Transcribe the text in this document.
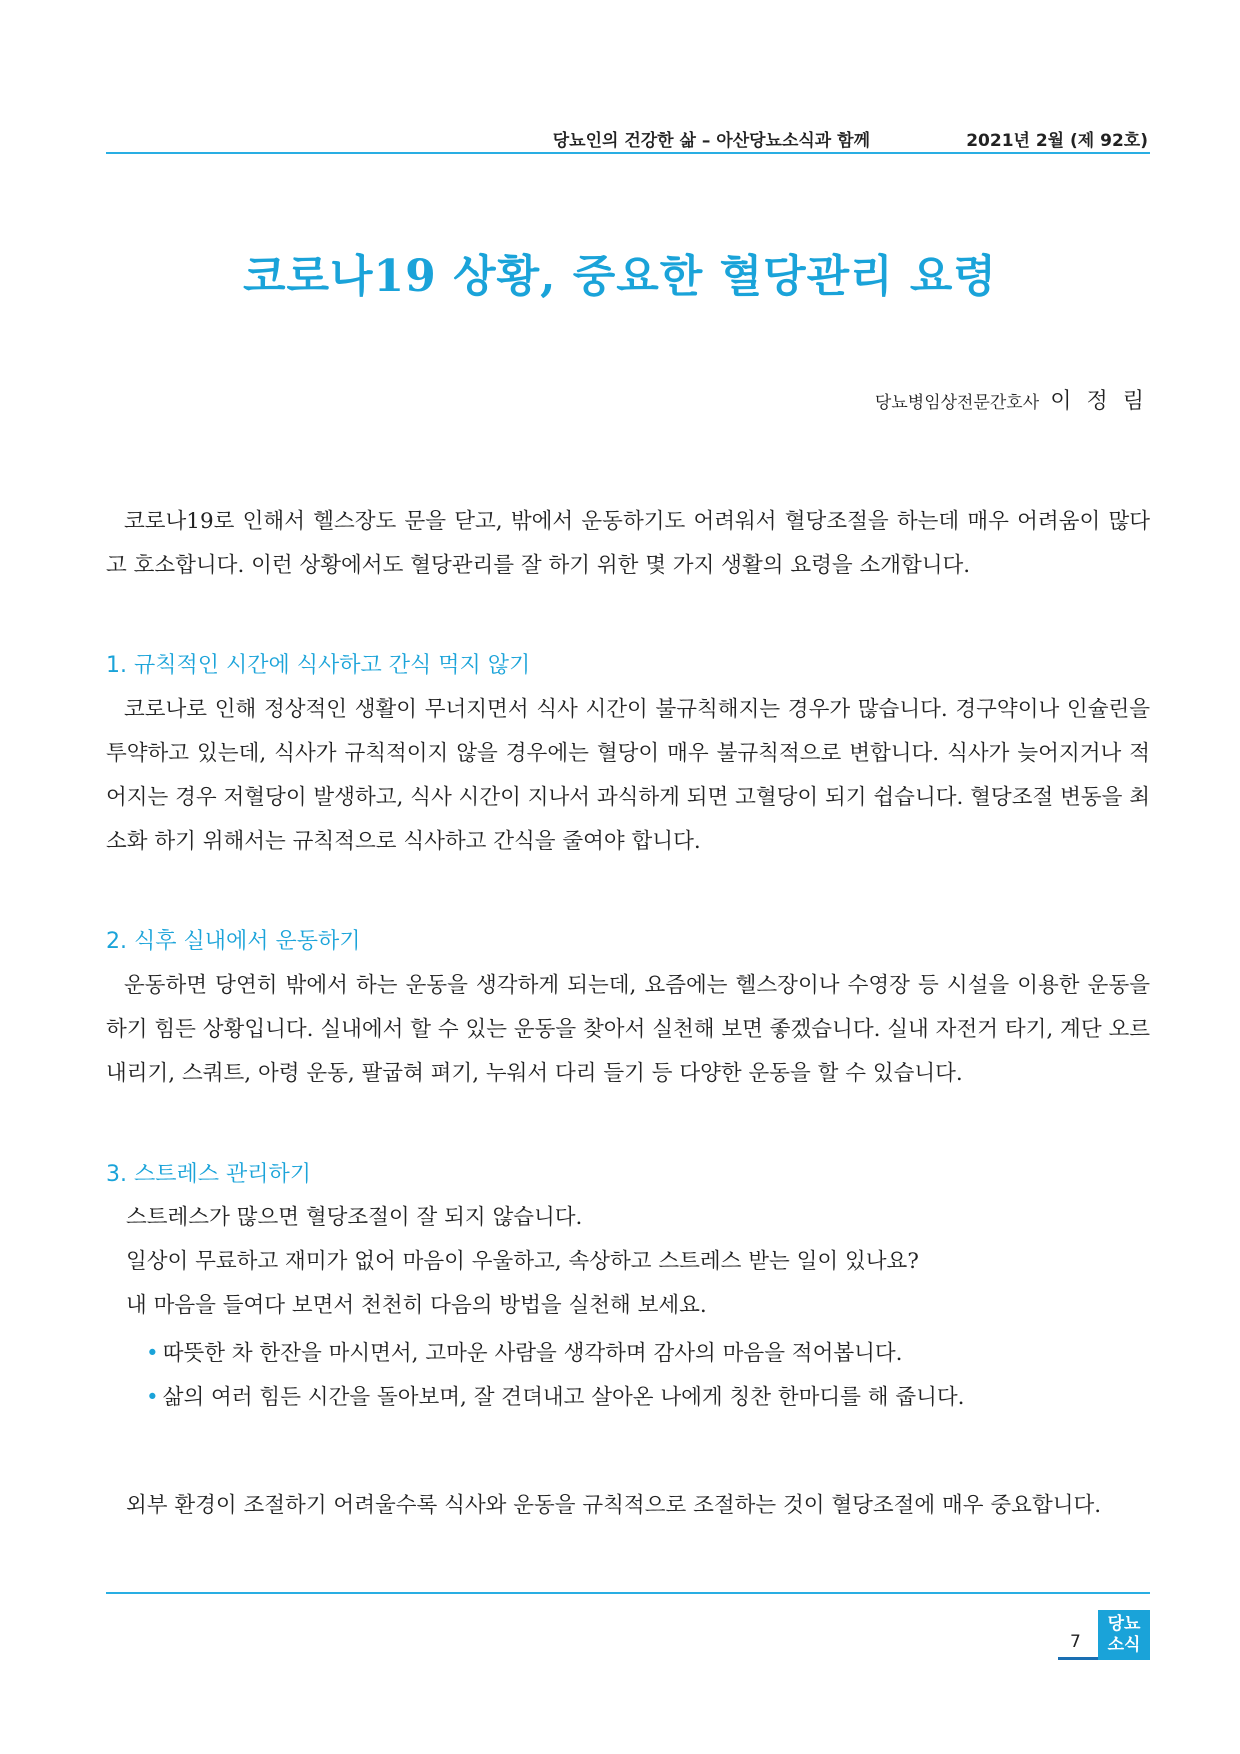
당뇨인의 건강한 삶 – 아산당뇨소식과 함께	2021년 2월 (제 92호)
코로나19 상황, 중요한 혈당관리 요령
당뇨병임상전문간호사 이 정 림

코로나19로 인해서 헬스장도 문을 닫고, 밖에서 운동하기도 어려워서 혈당조절을 하는데 매우 어려움이 많다고 호소합니다. 이런 상황에서도 혈당관리를 잘 하기 위한 몇 가지 생활의 요령을 소개합니다.

1. 규칙적인 시간에 식사하고 간식 먹지 않기

코로나로 인해 정상적인 생활이 무너지면서 식사 시간이 불규칙해지는 경우가 많습니다. 경구약이나 인슐린을 투약하고 있는데, 식사가 규칙적이지 않을 경우에는 혈당이 매우 불규칙적으로 변합니다. 식사가 늦어지거나 적어지는 경우 저혈당이 발생하고, 식사 시간이 지나서 과식하게 되면 고혈당이 되기 쉽습니다. 혈당조절 변동을 최소화 하기 위해서는 규칙적으로 식사하고 간식을 줄여야 합니다.

2. 식후 실내에서 운동하기

운동하면 당연히 밖에서 하는 운동을 생각하게 되는데, 요즘에는 헬스장이나 수영장 등 시설을 이용한 운동을 하기 힘든 상황입니다. 실내에서 할 수 있는 운동을 찾아서 실천해 보면 좋겠습니다. 실내 자전거 타기, 계단 오르내리기, 스쿼트, 아령 운동, 팔굽혀 펴기, 누워서 다리 들기 등 다양한 운동을 할 수 있습니다.

3. 스트레스 관리하기
스트레스가 많으면 혈당조절이 잘 되지 않습니다.
일상이 무료하고 재미가 없어 마음이 우울하고, 속상하고 스트레스 받는 일이 있나요?
내 마음을 들여다 보면서 천천히 다음의 방법을 실천해 보세요.
• 따뜻한 차 한잔을 마시면서, 고마운 사람을 생각하며 감사의 마음을 적어봅니다.
• 삶의 여러 힘든 시간을 돌아보며, 잘 견뎌내고 살아온 나에게 칭찬 한마디를 해 줍니다.

외부 환경이 조절하기 어려울수록 식사와 운동을 규칙적으로 조절하는 것이 혈당조절에 매우 중요합니다.

7
당뇨
소식
